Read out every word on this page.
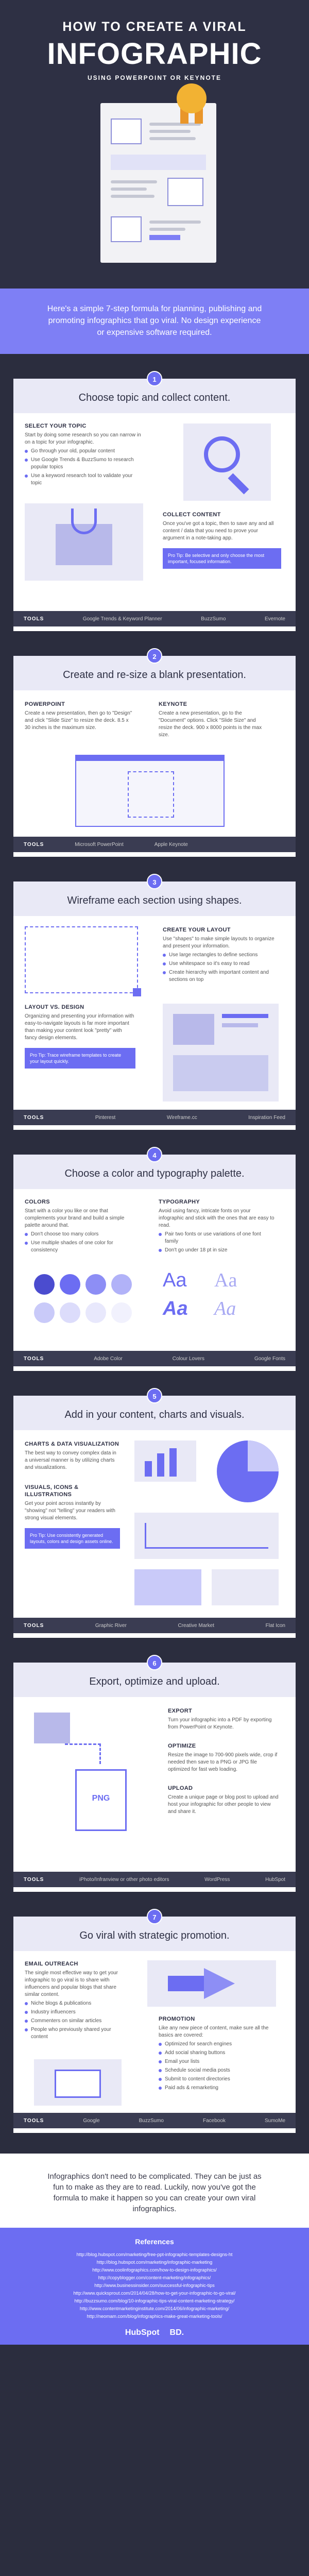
HOW TO CREATE A VIRAL
INFOGRAPHIC
USING POWERPOINT OR KEYNOTE
Here's a simple 7-step formula for planning, publishing and promoting infographics that go viral. No design experience or expensive software required.
1
Choose topic and collect content.
SELECT YOUR TOPIC

Start by doing some research so you can narrow in on a topic for your infographic.

Go through your old, popular content
Use Google Trends & BuzzSumo to research popular topics
Use a keyword research tool to validate your topic
COLLECT CONTENT

Once you've got a topic, then to save any and all content / data that you need to prove your argument in a note-taking app.

Pro Tip: Be selective and only choose the most important, focused information.
TOOLS	Google Trends & Keyword Planner	BuzzSumo	Evernote
2
Create and re-size a blank presentation.
POWERPOINT

Create a new presentation, then go to "Design" and click "Slide Size" to resize the deck. 8.5 x 30 inches is the maximum size.

KEYNOTE

Create a new presentation, go to the "Document" options. Click "Slide Size" and resize the deck. 900 x 8000 points is the max size.

TOOLS	Microsoft PowerPoint	Apple Keynote
3
Wireframe each section using shapes.
CREATE YOUR LAYOUT

Use "shapes" to make simple layouts to organize and present your information.

Use large rectangles to define sections
Use whitespace so it's easy to read
Create hierarchy with important content and sections on top
LAYOUT VS. DESIGN

Organizing and presenting your information with easy-to-navigate layouts is far more important than making your content look "pretty" with fancy design elements.

Pro Tip: Trace wireframe templates to create your layout quickly.
TOOLS	Pinterest	Wireframe.cc	Inspiration Feed
4
Choose a color and typography palette.
COLORS

Start with a color you like or one that complements your brand and build a simple palette around that.

Don't choose too many colors
Use multiple shades of one color for consistency
TYPOGRAPHY

Avoid using fancy, intricate fonts on your infographic and stick with the ones that are easy to read.

Pair two fonts or use variations of one font family
Don't go under 18 pt in size
Aa Aa
Aa Aa
TOOLS	Adobe Color	Colour Lovers	Google Fonts
5
Add in your content, charts and visuals.
CHARTS & DATA VISUALIZATION

The best way to convey complex data in a universal manner is by utilizing charts and visualizations.

VISUALS, ICONS & ILLUSTRATIONS

Get your point across instantly by "showing" not "telling" your readers with strong visual elements.

Pro Tip: Use consistently generated layouts, colors and design assets online.
TOOLS	Graphic River	Creative Market	Flat Icon
6
Export, optimize and upload.
PNG
EXPORT

Turn your infographic into a PDF by exporting from PowerPoint or Keynote.

OPTIMIZE

Resize the image to 700-900 pixels wide, crop if needed then save to a PNG or JPG file optimized for fast web loading.

UPLOAD

Create a unique page or blog post to upload and host your infographic for other people to view and share it.

TOOLS	iPhoto/Infranview or other photo editors	WordPress	HubSpot
7
Go viral with strategic promotion.
EMAIL OUTREACH

The single most effective way to get your infographic to go viral is to share with influencers and popular blogs that share similar content.

Niche blogs & publications
Industry influencers
Commenters on similar articles
People who previously shared your content
PROMOTION

Like any new piece of content, make sure all the basics are covered:

Optimized for search engines
Add social sharing buttons
Email your lists
Schedule social media posts
Submit to content directories
Paid ads & remarketing
TOOLS	Google	BuzzSumo	Facebook	SumoMe
Infographics don't need to be complicated. They can be just as fun to make as they are to read. Luckily, now you've got the formula to make it happen so you can create your own viral infographics.
References
http://blog.hubspot.com/marketing/free-ppt-infographic-templates-designs-ht
http://blog.hubspot.com/marketing/infographic-marketing
http://www.coolinfographics.com/how-to-design-infographics/
http://copyblogger.com/content-marketing/infographics/
http://www.businessinsider.com/successful-infographic-tips
http://www.quicksprout.com/2014/04/28/how-to-get-your-infographic-to-go-viral/
http://buzzsumo.com/blog/10-infographic-tips-viral-content-marketing-strategy/
http://www.contentmarketinginstitute.com/2014/06/infographic-marketing/
http://neomam.com/blog/infographics-make-great-marketing-tools/
HubSpot BD.
